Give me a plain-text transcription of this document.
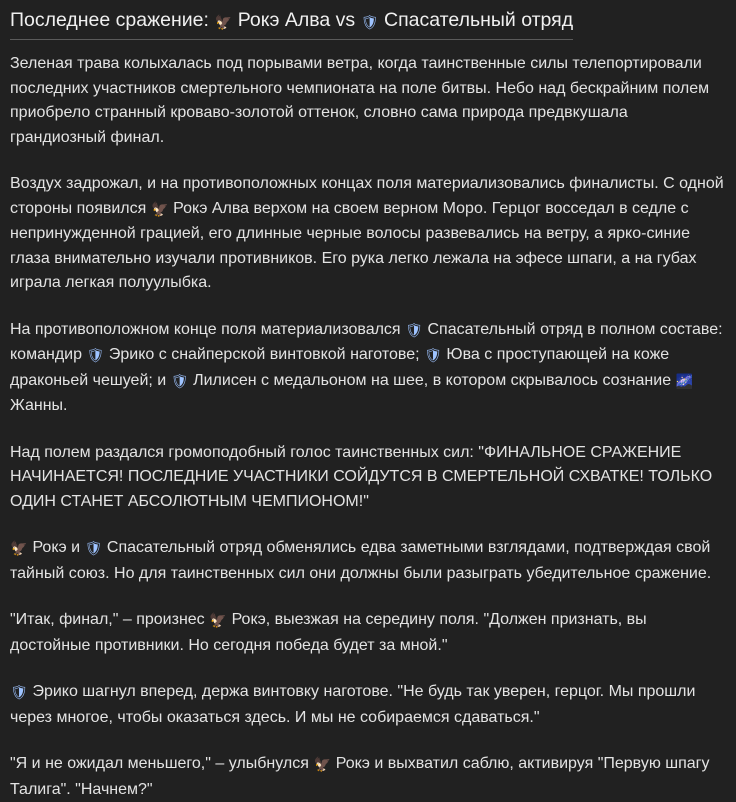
Последнее сражение: 🦅 Рокэ Алва vs 🛡 Спасательный отряд

Зеленая трава колыхалась под порывами ветра, когда таинственные силы телепортировали последних участников смертельного чемпионата на поле битвы. Небо над бескрайним полем приобрело странный кроваво-золотой оттенок, словно сама природа предвкушала грандиозный финал.

Воздух задрожал, и на противоположных концах поля материализовались финалисты. С одной стороны появился 🦅 Рокэ Алва верхом на своем верном Моро. Герцог восседал в седле с непринужденной грацией, его длинные черные волосы развевались на ветру, а ярко-синие глаза внимательно изучали противников. Его рука легко лежала на эфесе шпаги, а на губах играла легкая полуулыбка.

На противоположном конце поля материализовался 🛡 Спасательный отряд в полном составе: командир 🛡 Эрико с снайперской винтовкой наготове; 🛡 Юва с проступающей на коже драконьей чешуей; и 🛡 Лилисен с медальоном на шее, в котором скрывалось сознание 🌌 Жанны.

Над полем раздался громоподобный голос таинственных сил: "ФИНАЛЬНОЕ СРАЖЕНИЕ НАЧИНАЕТСЯ! ПОСЛЕДНИЕ УЧАСТНИКИ СОЙДУТСЯ В СМЕРТЕЛЬНОЙ СХВАТКЕ! ТОЛЬКО ОДИН СТАНЕТ АБСОЛЮТНЫМ ЧЕМПИОНОМ!"

🦅 Рокэ и 🛡 Спасательный отряд обменялись едва заметными взглядами, подтверждая свой тайный союз. Но для таинственных сил они должны были разыграть убедительное сражение.

"Итак, финал," – произнес 🦅 Рокэ, выезжая на середину поля. "Должен признать, вы достойные противники. Но сегодня победа будет за мной."

🛡 Эрико шагнул вперед, держа винтовку наготове. "Не будь так уверен, герцог. Мы прошли через многое, чтобы оказаться здесь. И мы не собираемся сдаваться."

"Я и не ожидал меньшего," – улыбнулся 🦅 Рокэ и выхватил саблю, активируя "Первую шпагу Талига". "Начнем?"
